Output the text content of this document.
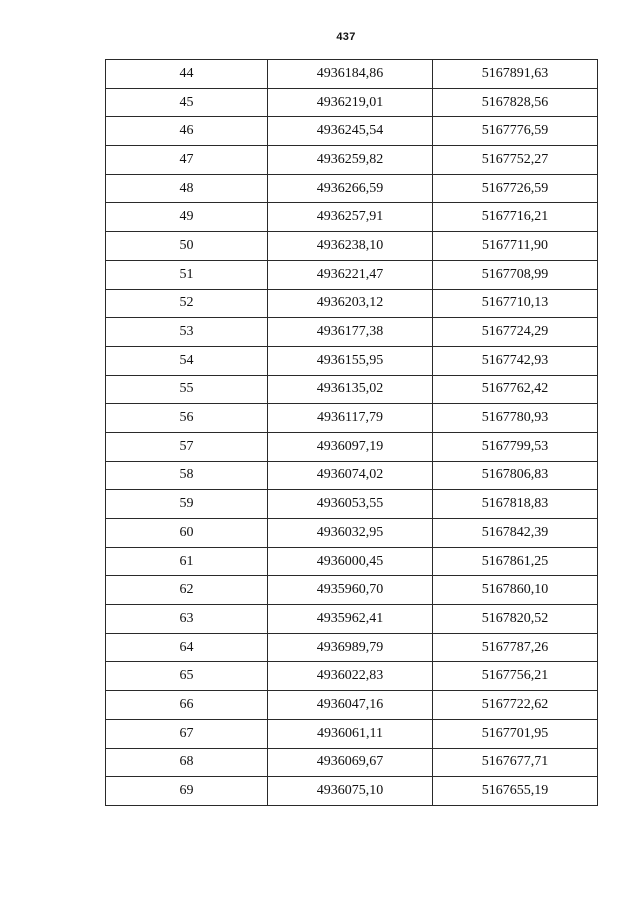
437
44	4936184,86	5167891,63
45	4936219,01	5167828,56
46	4936245,54	5167776,59
47	4936259,82	5167752,27
48	4936266,59	5167726,59
49	4936257,91	5167716,21
50	4936238,10	5167711,90
51	4936221,47	5167708,99
52	4936203,12	5167710,13
53	4936177,38	5167724,29
54	4936155,95	5167742,93
55	4936135,02	5167762,42
56	4936117,79	5167780,93
57	4936097,19	5167799,53
58	4936074,02	5167806,83
59	4936053,55	5167818,83
60	4936032,95	5167842,39
61	4936000,45	5167861,25
62	4935960,70	5167860,10
63	4935962,41	5167820,52
64	4936989,79	5167787,26
65	4936022,83	5167756,21
66	4936047,16	5167722,62
67	4936061,11	5167701,95
68	4936069,67	5167677,71
69	4936075,10	5167655,19
